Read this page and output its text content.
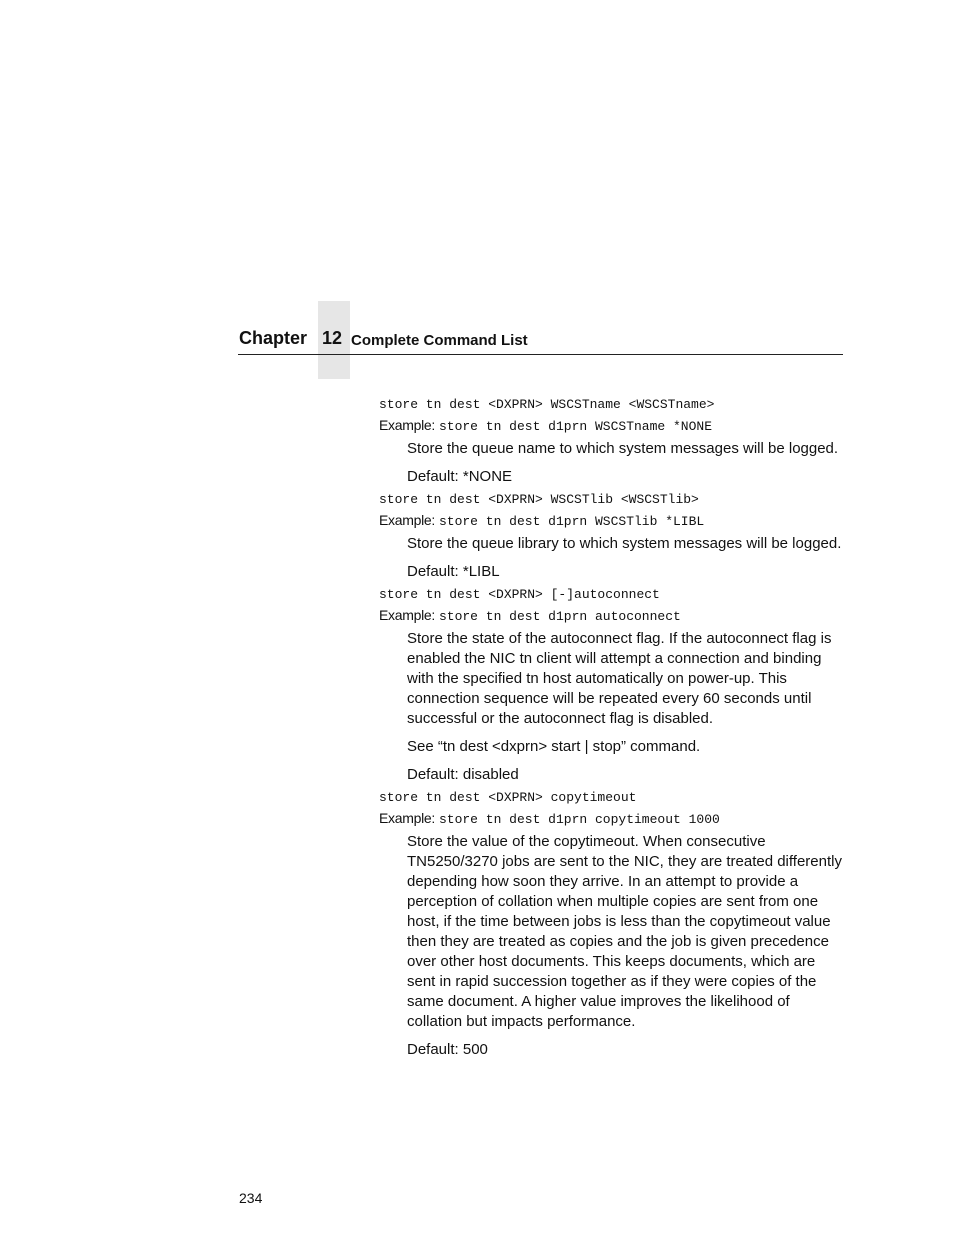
Chapter 12 Complete Command List

store tn dest <DXPRN> WSCSTname <WSCSTname>

Example: store tn dest d1prn WSCSTname *NONE

Store the queue name to which system messages will be logged.

Default: *NONE

store tn dest <DXPRN> WSCSTlib <WSCSTlib>

Example: store tn dest d1prn WSCSTlib *LIBL

Store the queue library to which system messages will be logged.

Default: *LIBL

store tn dest <DXPRN> [-]autoconnect

Example: store tn dest d1prn autoconnect

Store the state of the autoconnect flag. If the autoconnect flag is enabled the NIC tn client will attempt a connection and binding with the specified tn host automatically on power-up. This connection sequence will be repeated every 60 seconds until successful or the autoconnect flag is disabled.

See “tn dest <dxprn> start | stop” command.

Default: disabled

store tn dest <DXPRN> copytimeout

Example: store tn dest d1prn copytimeout 1000

Store the value of the copytimeout. When consecutive TN5250/3270 jobs are sent to the NIC, they are treated differently depending how soon they arrive. In an attempt to provide a perception of collation when multiple copies are sent from one host, if the time between jobs is less than the copytimeout value then they are treated as copies and the job is given precedence over other host documents. This keeps documents, which are sent in rapid succession together as if they were copies of the same document. A higher value improves the likelihood of collation but impacts performance.

Default: 500

234
